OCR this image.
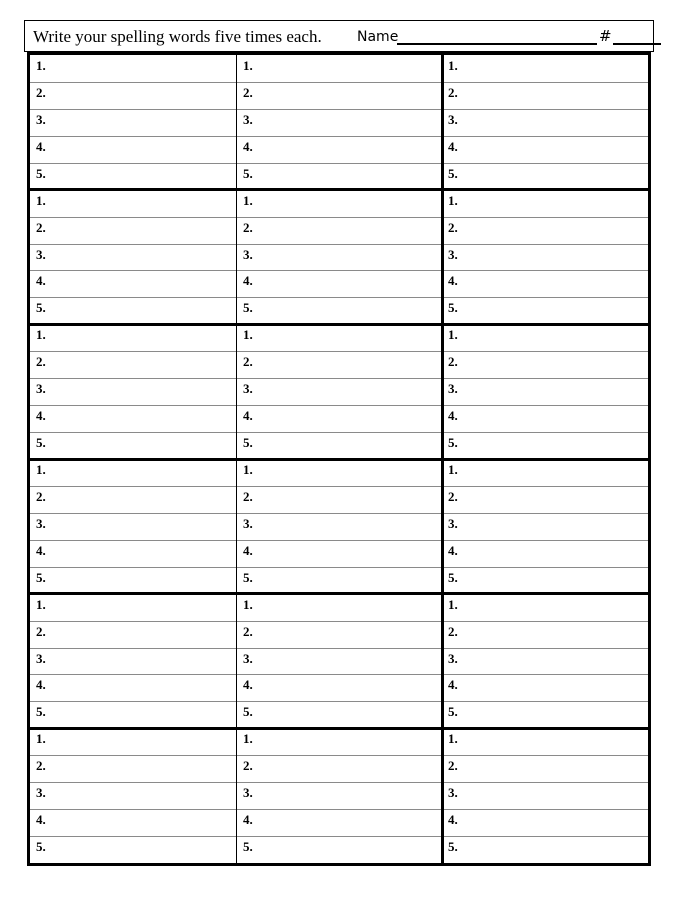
Write your spelling words five times each.	Name	#
1.	1.	1.
2.	2.	2.
3.	3.	3.
4.	4.	4.
5.	5.	5.
1.	1.	1.
2.	2.	2.
3.	3.	3.
4.	4.	4.
5.	5.	5.
1.	1.	1.
2.	2.	2.
3.	3.	3.
4.	4.	4.
5.	5.	5.
1.	1.	1.
2.	2.	2.
3.	3.	3.
4.	4.	4.
5.	5.	5.
1.	1.	1.
2.	2.	2.
3.	3.	3.
4.	4.	4.
5.	5.	5.
1.	1.	1.
2.	2.	2.
3.	3.	3.
4.	4.	4.
5.	5.	5.
